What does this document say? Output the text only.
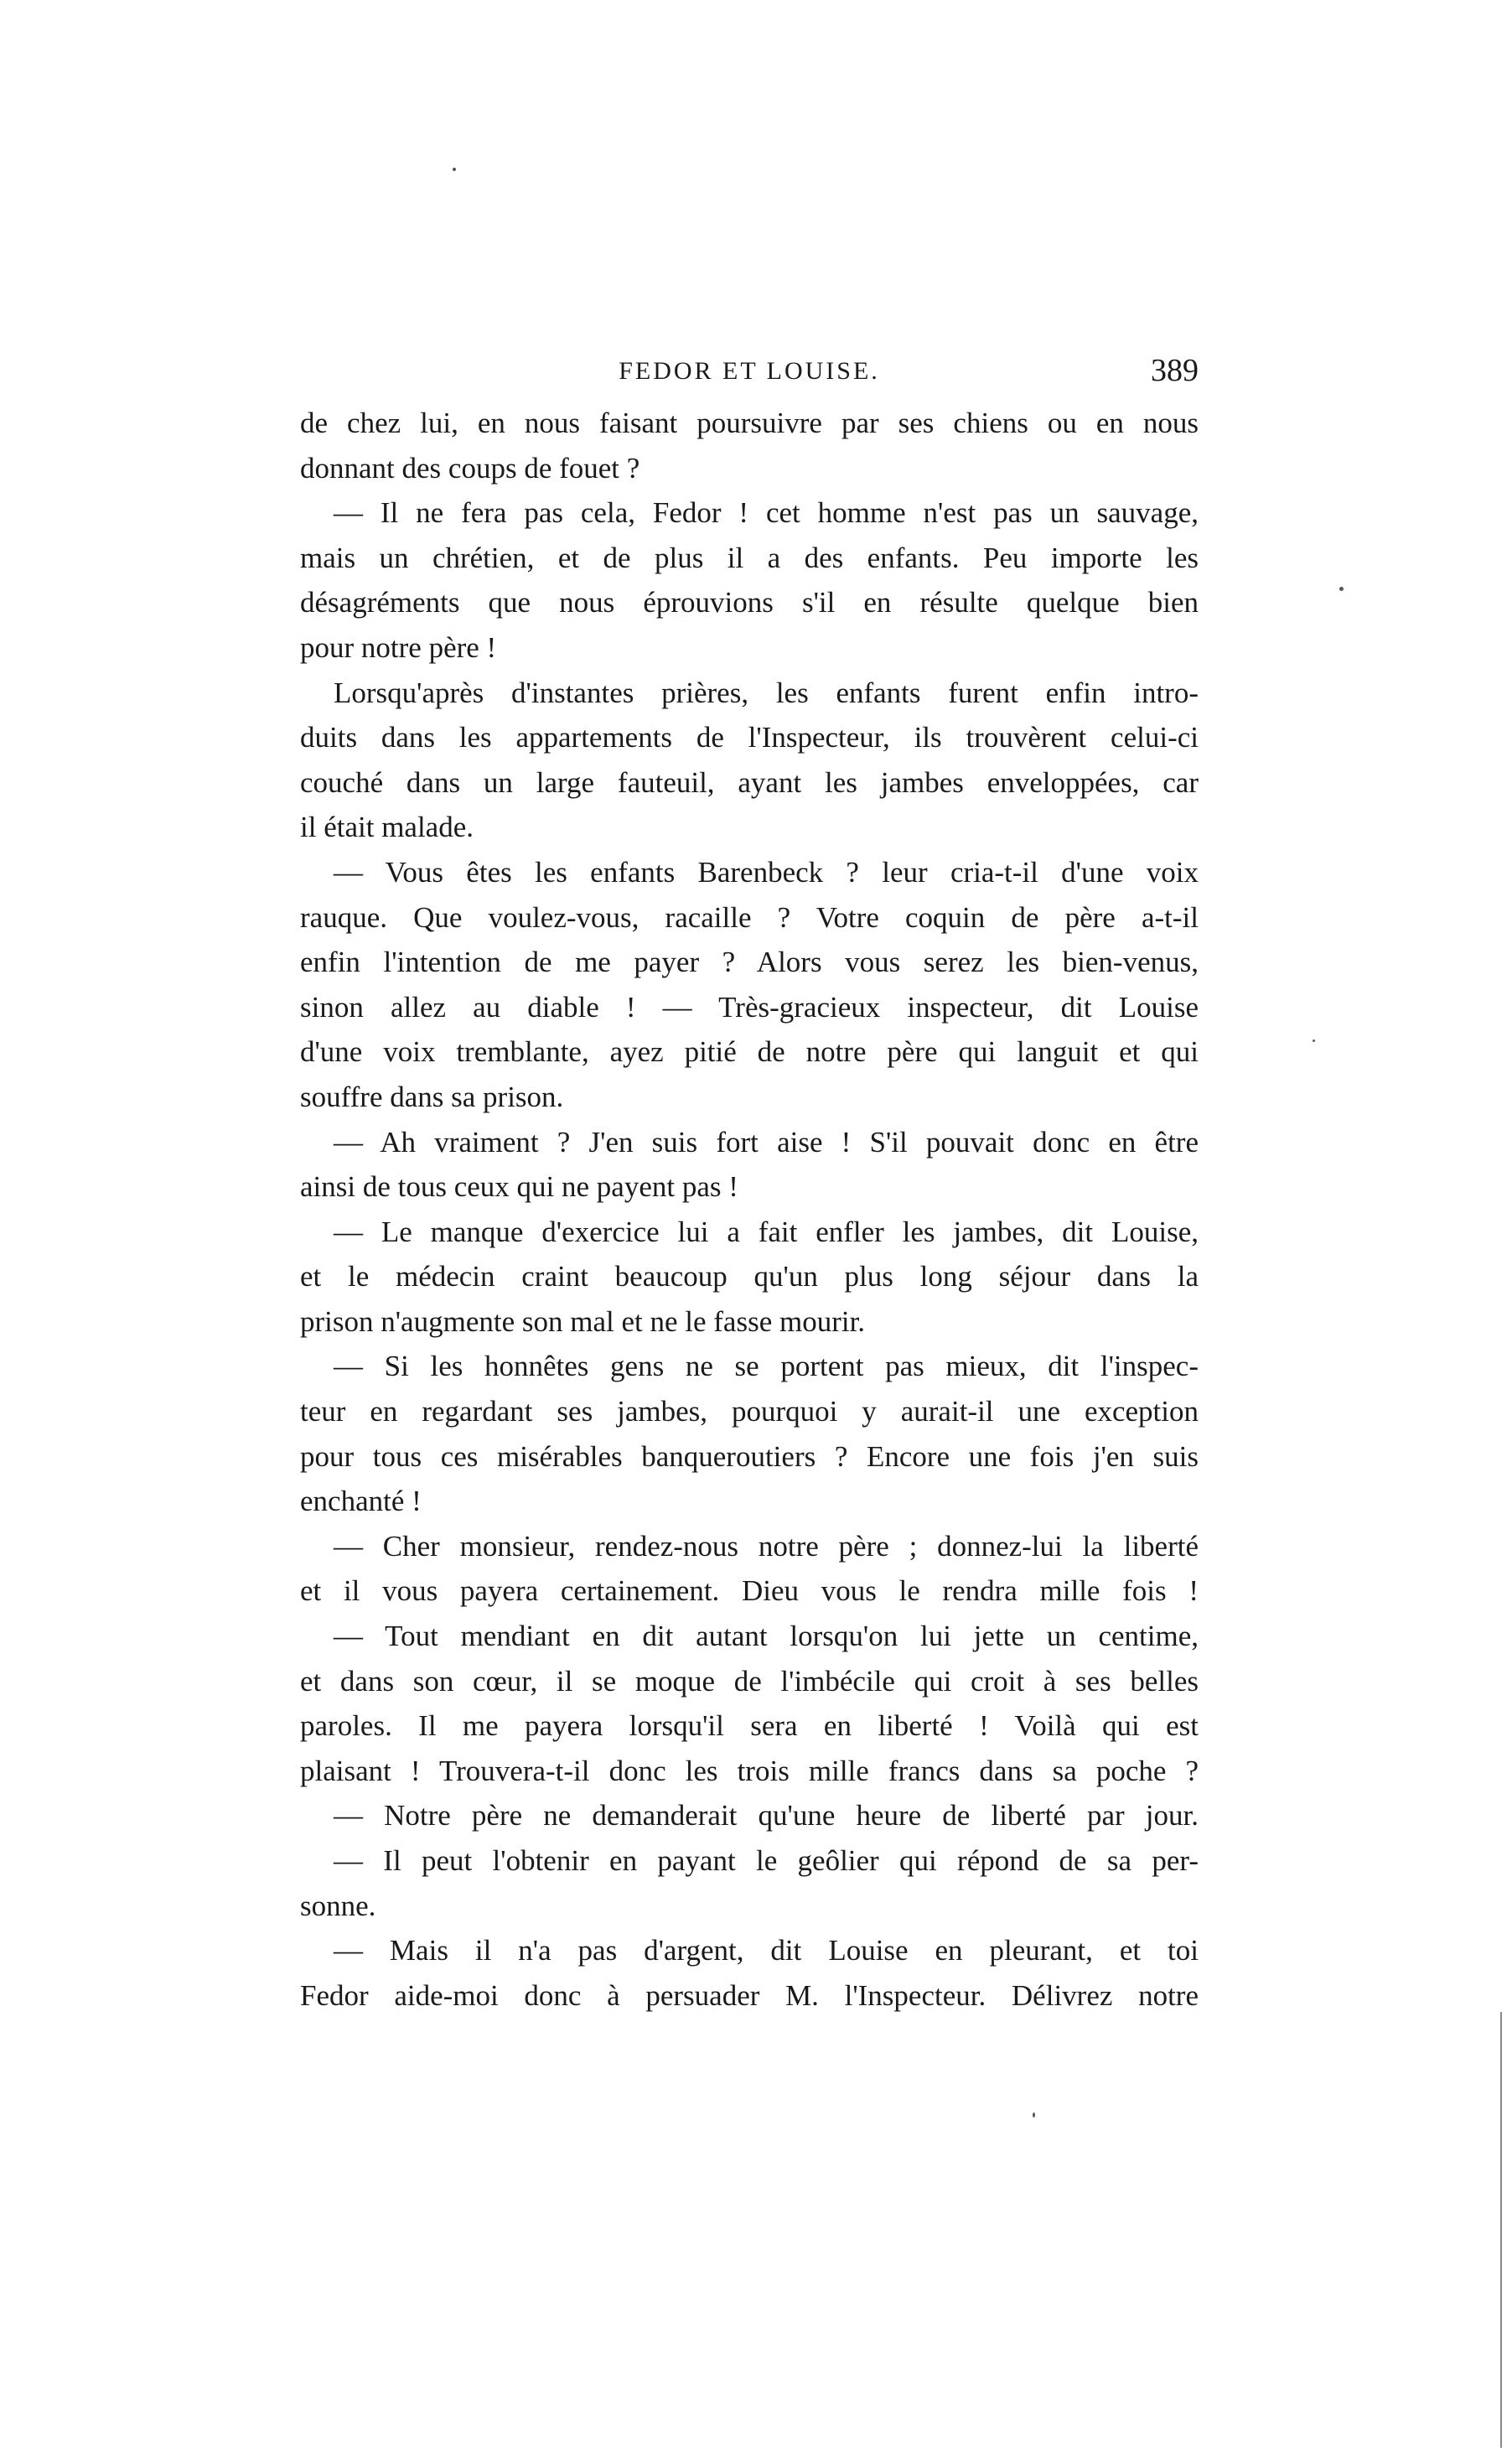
FEDOR ET LOUISE.	389
de chez lui, en nous faisant poursuivre par ses chiens ou en nous
donnant des coups de fouet ?
— Il ne fera pas cela, Fedor ! cet homme n'est pas un sauvage,
mais un chrétien, et de plus il a des enfants. Peu importe les
désagréments que nous éprouvions s'il en résulte quelque bien
pour notre père !
Lorsqu'après d'instantes prières, les enfants furent enfin intro-
duits dans les appartements de l'Inspecteur, ils trouvèrent celui-ci
couché dans un large fauteuil, ayant les jambes enveloppées, car
il était malade.
— Vous êtes les enfants Barenbeck ? leur cria-t-il d'une voix
rauque. Que voulez-vous, racaille ? Votre coquin de père a-t-il
enfin l'intention de me payer ? Alors vous serez les bien-venus,
sinon allez au diable ! — Très-gracieux inspecteur, dit Louise
d'une voix tremblante, ayez pitié de notre père qui languit et qui
souffre dans sa prison.
— Ah vraiment ? J'en suis fort aise ! S'il pouvait donc en être
ainsi de tous ceux qui ne payent pas !
— Le manque d'exercice lui a fait enfler les jambes, dit Louise,
et le médecin craint beaucoup qu'un plus long séjour dans la
prison n'augmente son mal et ne le fasse mourir.
— Si les honnêtes gens ne se portent pas mieux, dit l'inspec-
teur en regardant ses jambes, pourquoi y aurait-il une exception
pour tous ces misérables banqueroutiers ? Encore une fois j'en suis
enchanté !
— Cher monsieur, rendez-nous notre père ; donnez-lui la liberté
et il vous payera certainement. Dieu vous le rendra mille fois !
— Tout mendiant en dit autant lorsqu'on lui jette un centime,
et dans son cœur, il se moque de l'imbécile qui croit à ses belles
paroles. Il me payera lorsqu'il sera en liberté ! Voilà qui est
plaisant ! Trouvera-t-il donc les trois mille francs dans sa poche ?
— Notre père ne demanderait qu'une heure de liberté par jour.
— Il peut l'obtenir en payant le geôlier qui répond de sa per-
sonne.
— Mais il n'a pas d'argent, dit Louise en pleurant, et toi
Fedor aide-moi donc à persuader M. l'Inspecteur. Délivrez notre
